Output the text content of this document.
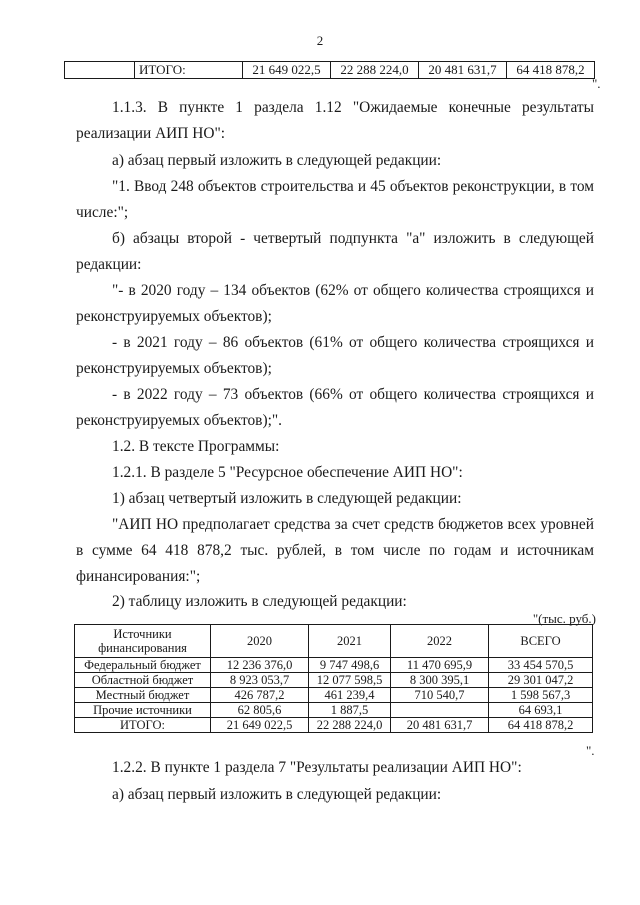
2
	ИТОГО:	21 649 022,5	22 288 224,0	20 481 631,7	64 418 878,2
".
1.1.3. В пункте 1 раздела 1.12 "Ожидаемые конечные результаты
реализации АИП НО":
а) абзац первый изложить в следующей редакции:
"1. Ввод 248 объектов строительства и 45 объектов реконструкции, в том
числе:";
б) абзацы второй - четвертый подпункта "а" изложить в следующей
редакции:
"- в 2020 году – 134 объектов (62% от общего количества строящихся и
реконструируемых объектов);
- в 2021 году – 86 объектов (61% от общего количества строящихся и
реконструируемых объектов);
- в 2022 году – 73 объектов (66% от общего количества строящихся и
реконструируемых объектов);".
1.2. В тексте Программы:
1.2.1. В разделе 5 "Ресурсное обеспечение АИП НО":
1) абзац четвертый изложить в следующей редакции:
"АИП НО предполагает средства за счет средств бюджетов всех уровней
в сумме 64 418 878,2 тыс. рублей, в том числе по годам и источникам
финансирования:";
2) таблицу изложить в следующей редакции:
"(тыс. руб.)
Источники финансирования	2020	2021	2022	ВСЕГО
Федеральный бюджет	12 236 376,0	9 747 498,6	11 470 695,9	33 454 570,5
Областной бюджет	8 923 053,7	12 077 598,5	8 300 395,1	29 301 047,2
Местный бюджет	426 787,2	461 239,4	710 540,7	1 598 567,3
Прочие источники	62 805,6	1 887,5		64 693,1
ИТОГО:	21 649 022,5	22 288 224,0	20 481 631,7	64 418 878,2
".
1.2.2. В пункте 1 раздела 7 "Результаты реализации АИП НО":
а) абзац первый изложить в следующей редакции:
